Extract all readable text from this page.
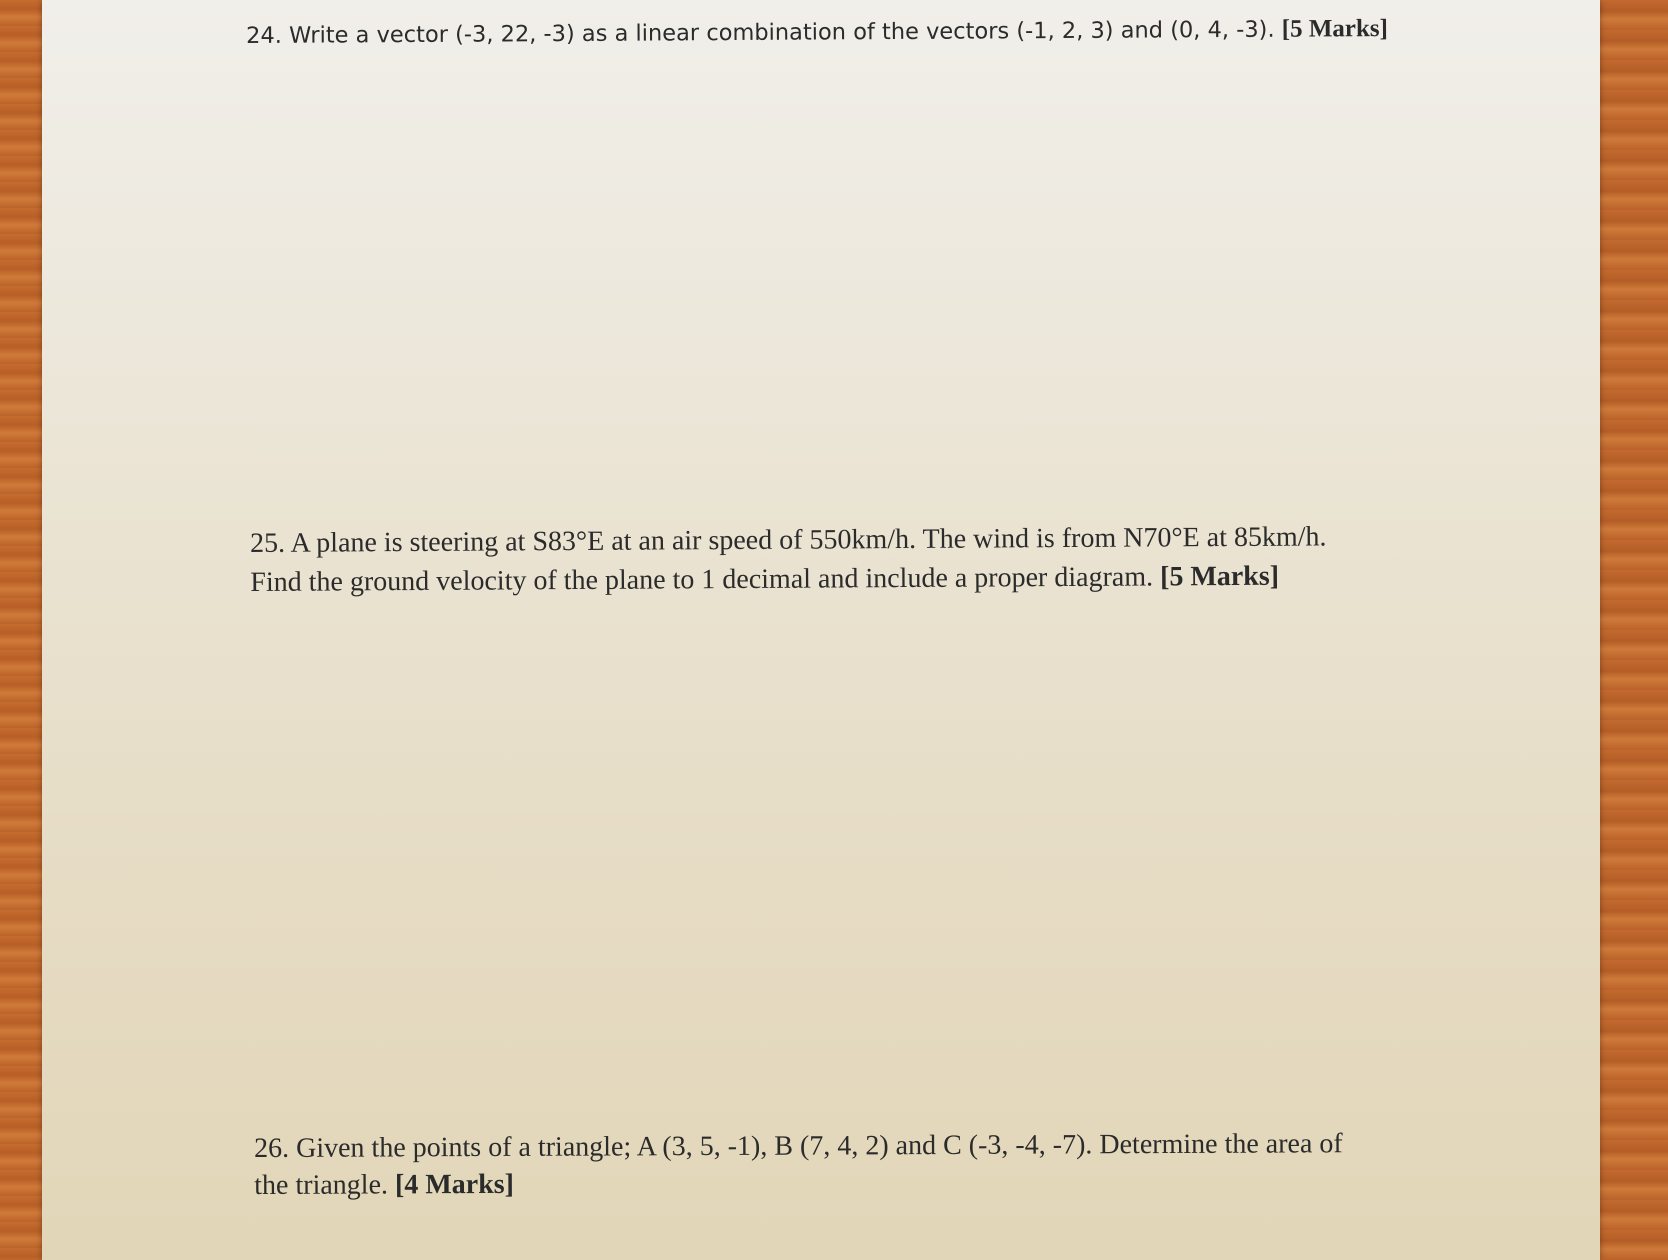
24. Write a vector (-3, 22, -3) as a linear combination of the vectors (-1, 2, 3) and (0, 4, -3). [5 Marks]
25. A plane is steering at S83°E at an air speed of 550km/h. The wind is from N70°E at 85km/h.
Find the ground velocity of the plane to 1 decimal and include a proper diagram. [5 Marks]
26. Given the points of a triangle; A (3, 5, -1), B (7, 4, 2) and C (-3, -4, -7). Determine the area of
the triangle. [4 Marks]
